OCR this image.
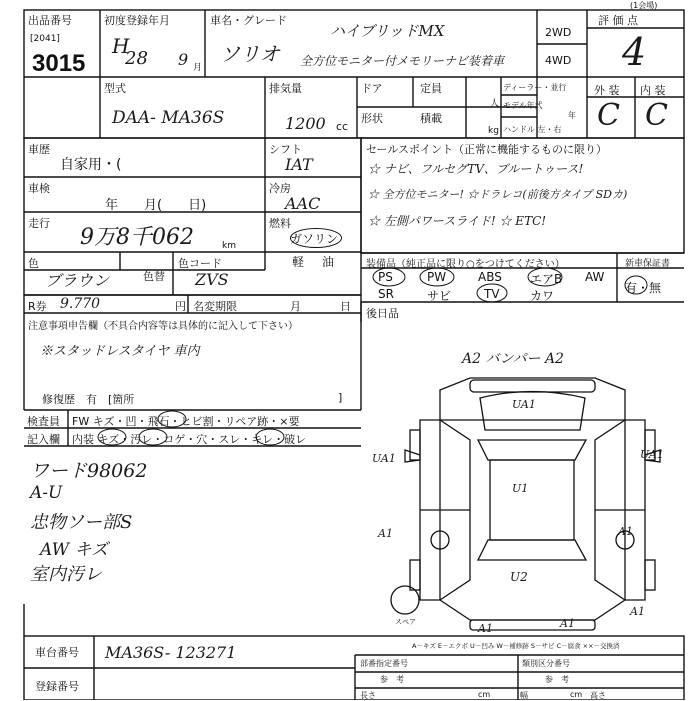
出品番号
[2041]
3015
初度登録年月
H
28 9 月
車名・グレード
ソリオ
ハイブリッドMX
全方位モニター付メモリーナビ装着車
2WD
4WD
評 価 点
4
型式
DAA- MA36S
排気量
1200 cc
ドア	定員
人
形状	積載
kg
ディーラー・並行
モデル年式
年
ハンドル 左・右
外 装 内 装
C C
車歴
自家用・(
車検
年　　月(　　日)
走行
9万8千062	km
色
ブラウン	色替
色コード
ZVS
シフト
IAT
冷房
AAC
燃料
ガソリン
軽 油
R券 9.770	円 名変期限	月	日
セールスポイント（正常に機能するものに限り）
☆ ナビ、フルセグTV、ブルートゥース!
☆ 全方位モニター! ☆ドラレコ(前後方タイプ SDカ)
☆ 左側パワースライド! ☆ ETC!
装備品（純正品に限り○をつけてください）	新車保証書
PS	PW	ABS エアB AW
SR	サビ	TV	カワ
有・無
後日品
注意事項申告欄（不具合内容等は具体的に記入して下さい）
※スタッドレスタイヤ 車内
修復歴　有　[箇所	]
検査員
記入欄
FW キズ・凹・飛石・ヒビ割・リペア跡・×要
内装 キズ・汚レ・コゲ・穴・スレ・キレ・破レ
ワード98062
A-U
忠物ソー部S
AW キズ
室内汚レ
A2 バンパー A2
UA1
UA1	UA1
A1	A1
U1
U2
A1	A1
A1
スペア
A－キズ E－エクボ U－凹み W－補修跡 S－サビ C－腐食 ××－交換済
車台番号 MA36S- 123271
登録番号
部番指定番号	類別区分番号
参　考	参　考
長さ	幅	高さ
cm	cm
(1会場)
